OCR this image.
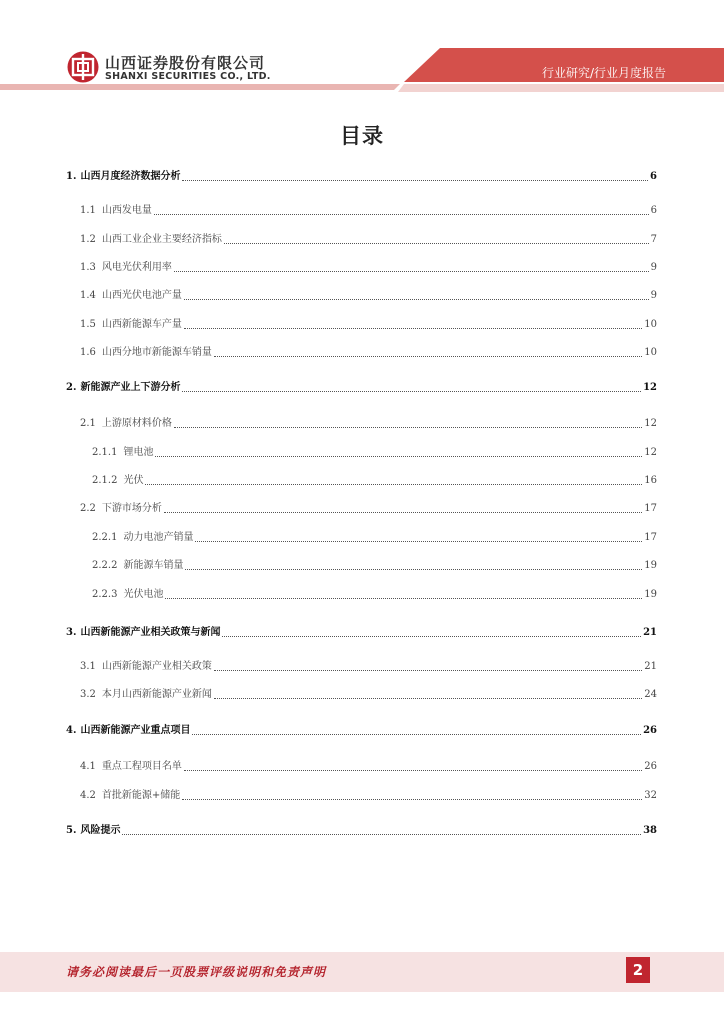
山西证券股份有限公司
SHANXI SECURITIES CO., LTD.	行业研究/行业月度报告
目录
1. 山西月度经济数据分析	6
1.1 山西发电量	6
1.2 山西工业企业主要经济指标	7
1.3 风电光伏利用率	9
1.4 山西光伏电池产量	9
1.5 山西新能源车产量	10
1.6 山西分地市新能源车销量	10
2. 新能源产业上下游分析	12
2.1 上游原材料价格	12
2.1.1 锂电池	12
2.1.2 光伏	16
2.2 下游市场分析	17
2.2.1 动力电池产销量	17
2.2.2 新能源车销量	19
2.2.3 光伏电池	19
3. 山西新能源产业相关政策与新闻	21
3.1 山西新能源产业相关政策	21
3.2 本月山西新能源产业新闻	24
4. 山西新能源产业重点项目	26
4.1 重点工程项目名单	26
4.2 首批新能源+储能	32
5. 风险提示	38
请务必阅读最后一页股票评级说明和免责声明	2
